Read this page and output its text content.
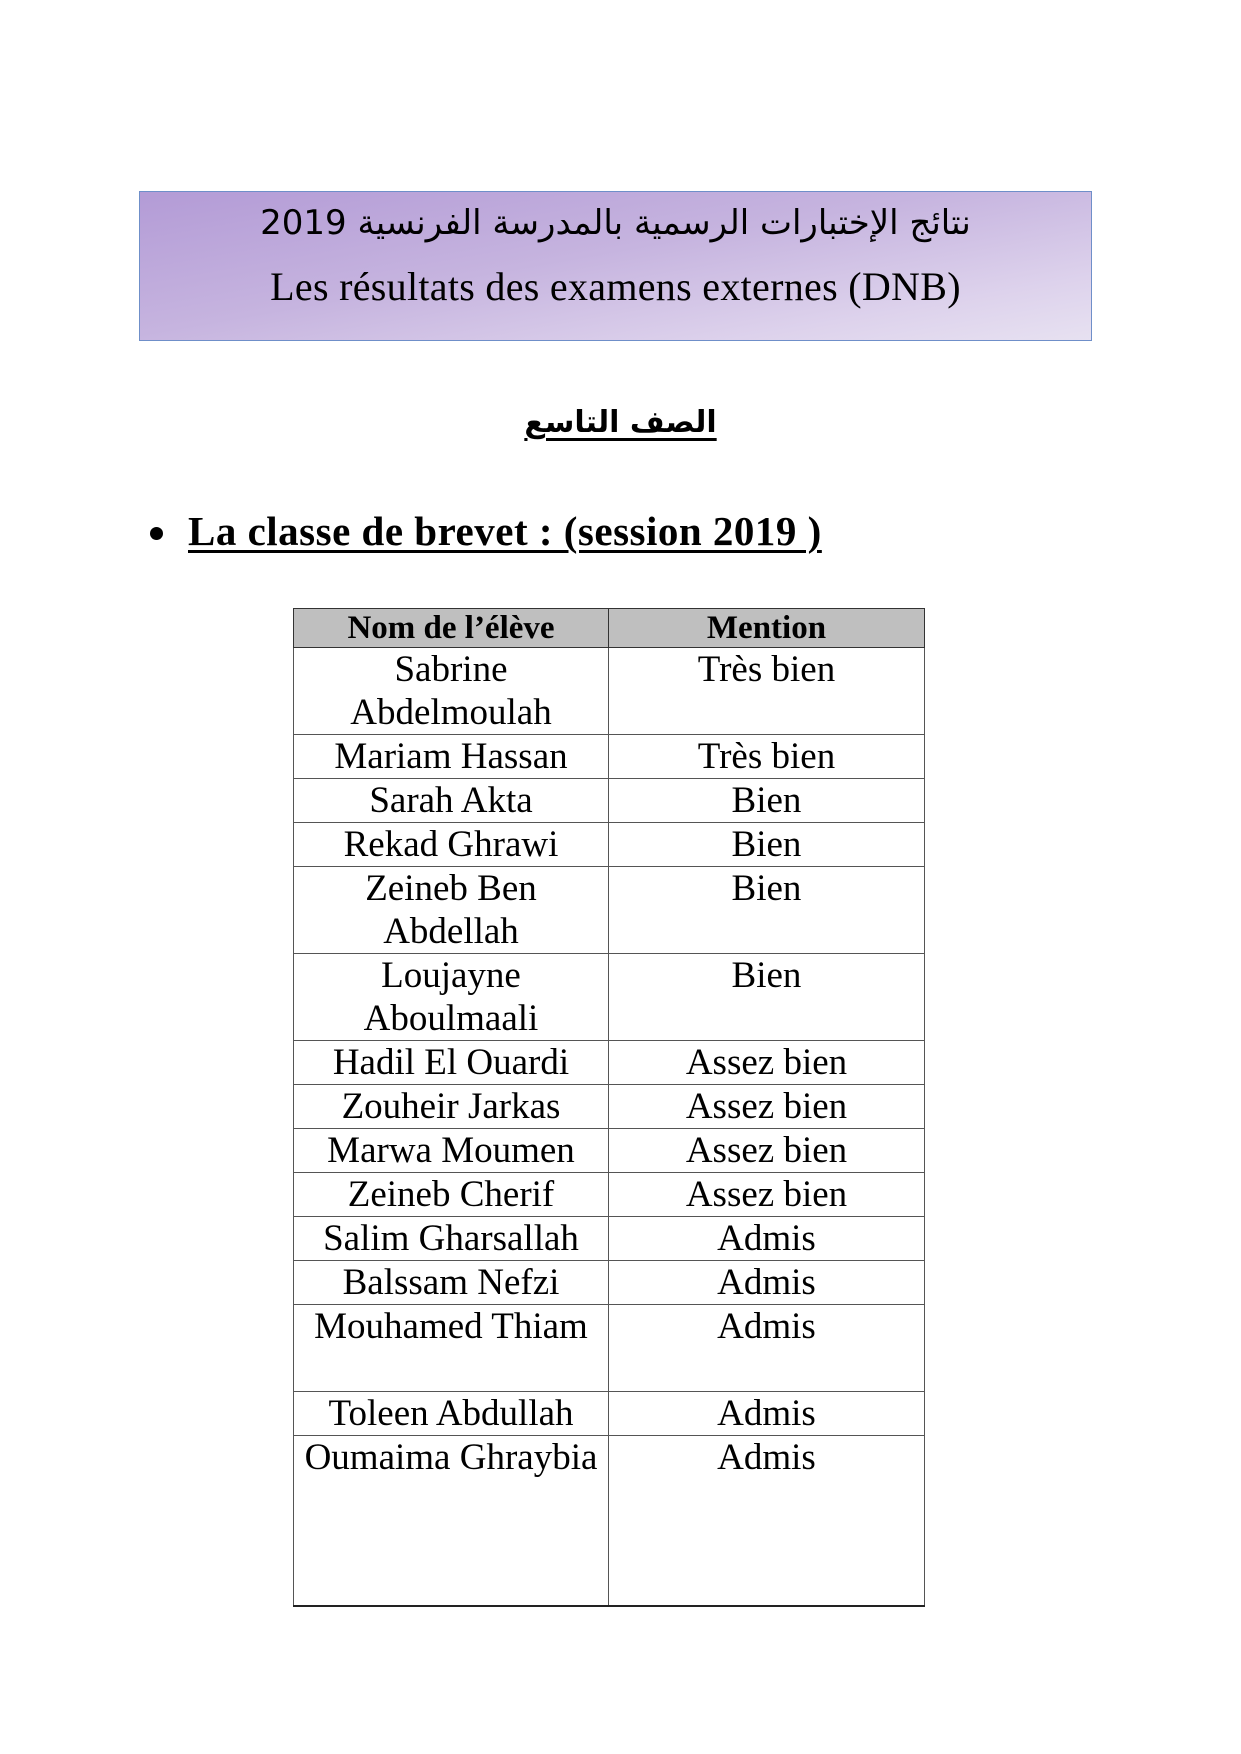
نتائج الإختبارات الرسمية بالمدرسة الفرنسية 2019
Les résultats des examens externes (DNB)
الصف التاسع
La classe de brevet : (session 2019 )
Nom de l’élève	Mention
Sabrine Abdelmoulah	Très bien
Mariam Hassan	Très bien
Sarah Akta	Bien
Rekad Ghrawi	Bien
Zeineb Ben Abdellah	Bien
Loujayne Aboulmaali	Bien
Hadil El Ouardi	Assez bien
Zouheir Jarkas	Assez bien
Marwa Moumen	Assez bien
Zeineb Cherif	Assez bien
Salim Gharsallah	Admis
Balssam Nefzi	Admis
Mouhamed Thiam	Admis
Toleen Abdullah	Admis
Oumaima Ghraybia	Admis
